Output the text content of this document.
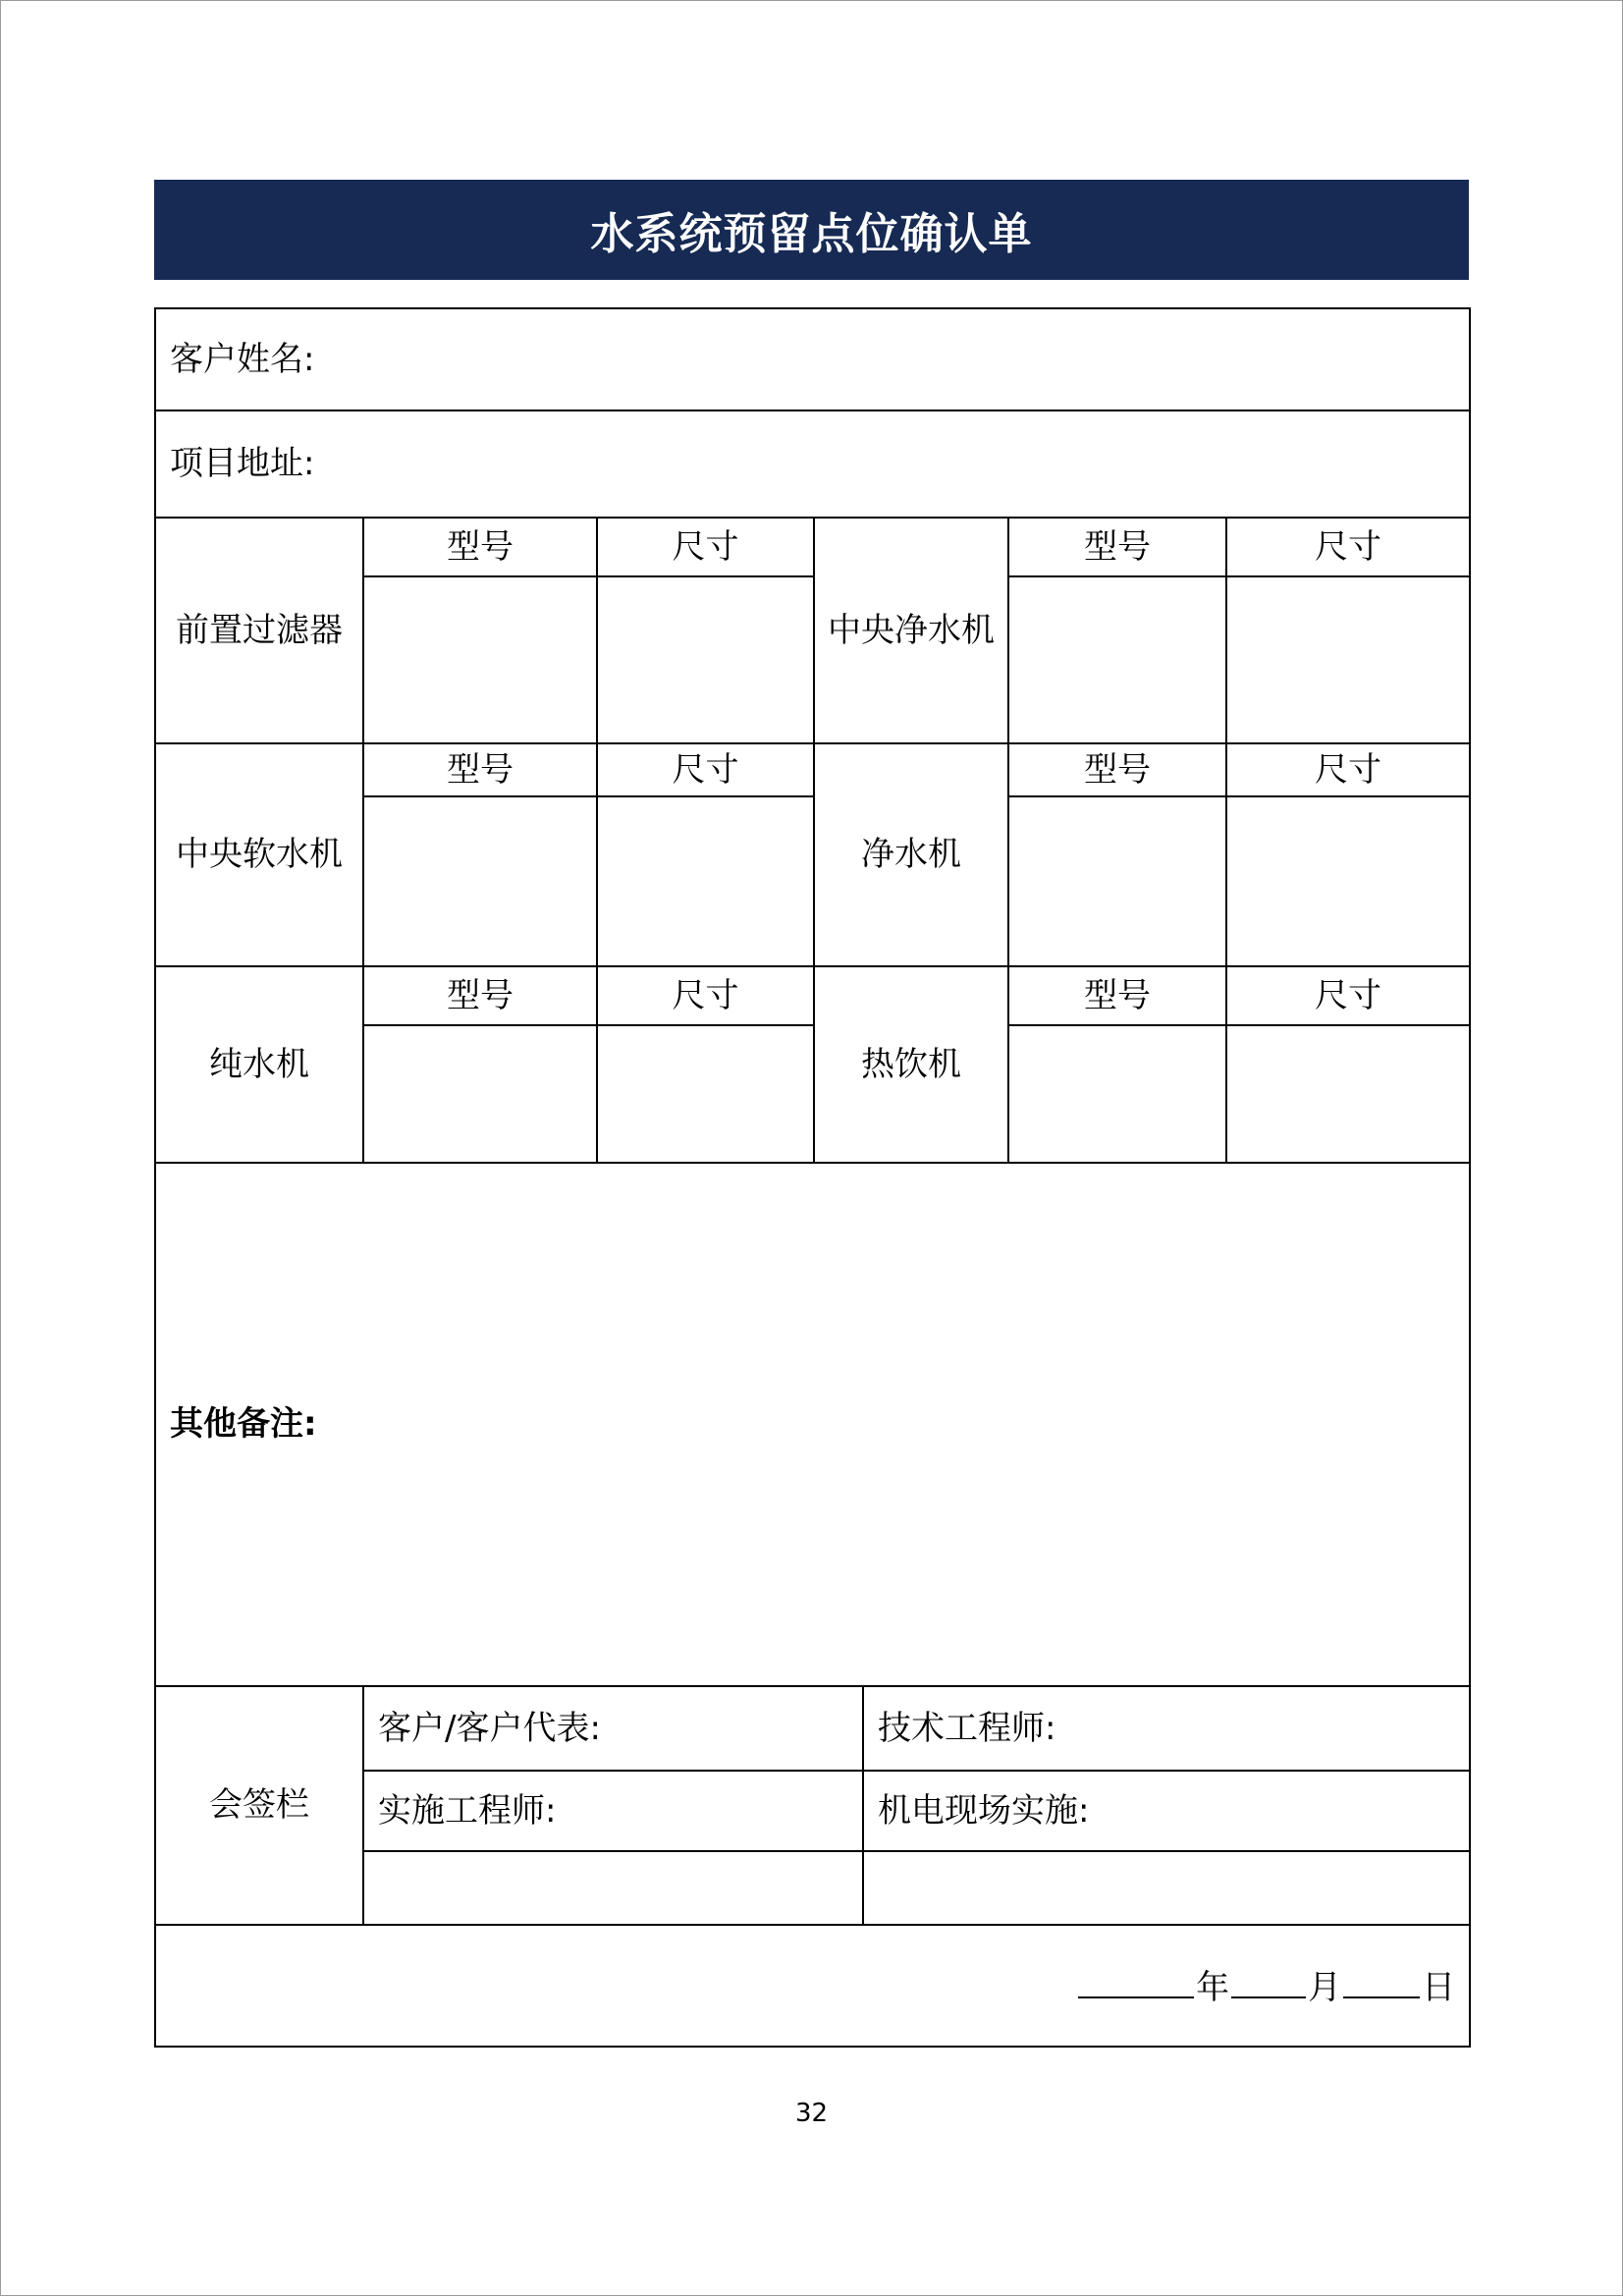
水系统预留点位确认单
客户姓名:						
项目地址:						
前置过滤器	型号	尺寸	中央净水机		型号	尺寸

中央软水机	型号	尺寸	净水机		型号	尺寸

纯水机	型号	尺寸	热饮机		型号	尺寸

其他备注:						
会签栏	客户/客户代表:			技术工程师:		
	实施工程师:			机电现场实施:		

年 月 日						
32
